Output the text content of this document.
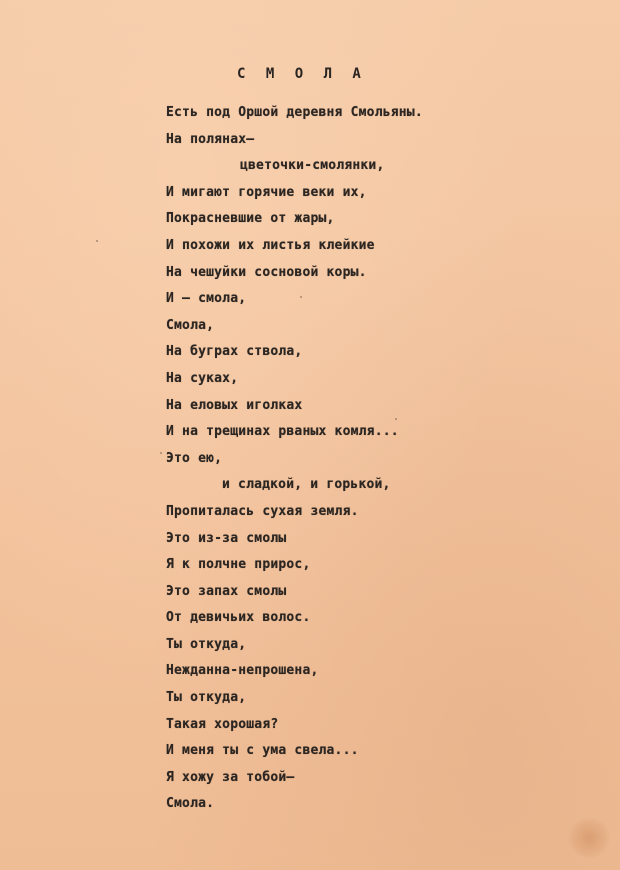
С М О Л А
Есть под Оршой деревня Смольяны.
На полянах—
цветочки-смолянки,
И мигают горячие веки их,
Покрасневшие от жары,
И похожи их листья клейкие
На чешуйки сосновой коры.
И — смола,
Смола,
На буграх ствола,
На суках,
На еловых иголках
И на трещинах рваных комля...
Это ею,
и сладкой, и горькой,
Пропиталась сухая земля.
Это из-за смолы
Я к полчне прирос,
Это запах смолы
От девичьих волос.
Ты откуда,
Нежданна-непрошена,
Ты откуда,
Такая хорошая?
И меня ты с ума свела...
Я хожу за тобой—
Смола.
